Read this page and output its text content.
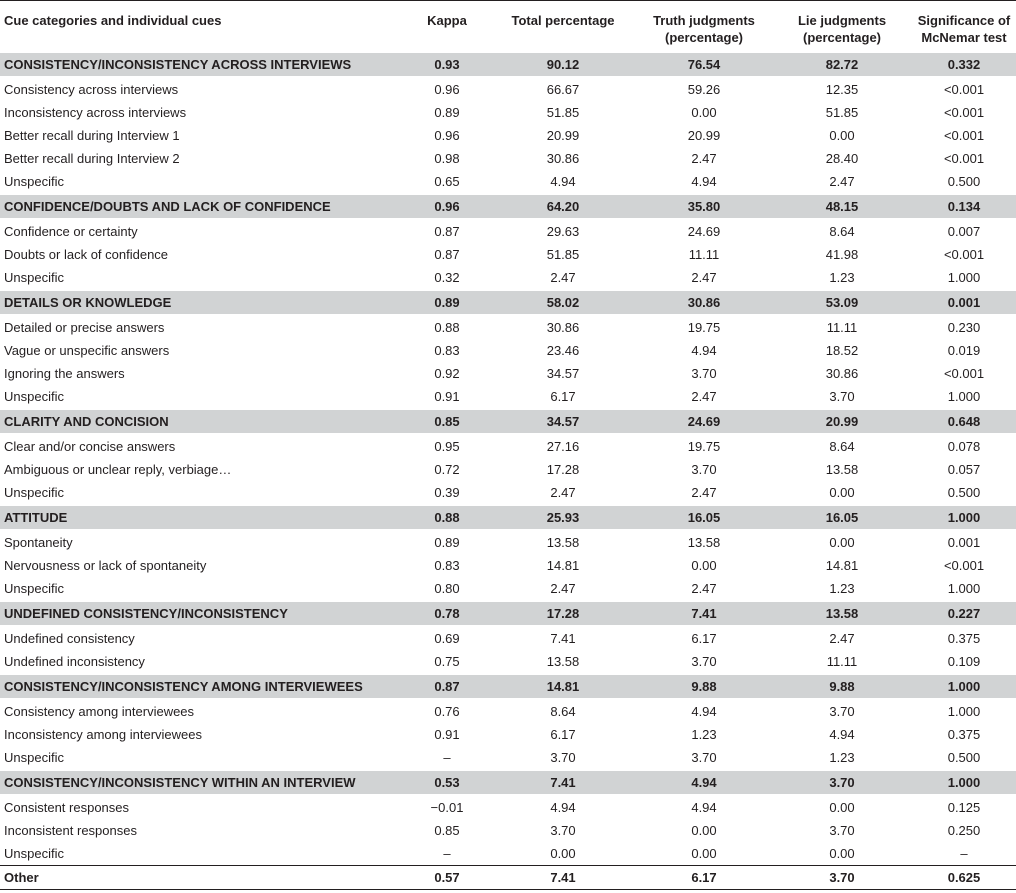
Cue categories and individual cues	Kappa	Total percentage	Truth judgments (percentage)	Lie judgments (percentage)	Significance of McNemar test
CONSISTENCY/INCONSISTENCY ACROSS INTERVIEWS	0.93	90.12	76.54	82.72	0.332
Consistency across interviews	0.96	66.67	59.26	12.35	<0.001
Inconsistency across interviews	0.89	51.85	0.00	51.85	<0.001
Better recall during Interview 1	0.96	20.99	20.99	0.00	<0.001
Better recall during Interview 2	0.98	30.86	2.47	28.40	<0.001
Unspecific	0.65	4.94	4.94	2.47	0.500
CONFIDENCE/DOUBTS AND LACK OF CONFIDENCE	0.96	64.20	35.80	48.15	0.134
Confidence or certainty	0.87	29.63	24.69	8.64	0.007
Doubts or lack of confidence	0.87	51.85	11.11	41.98	<0.001
Unspecific	0.32	2.47	2.47	1.23	1.000
DETAILS OR KNOWLEDGE	0.89	58.02	30.86	53.09	0.001
Detailed or precise answers	0.88	30.86	19.75	11.11	0.230
Vague or unspecific answers	0.83	23.46	4.94	18.52	0.019
Ignoring the answers	0.92	34.57	3.70	30.86	<0.001
Unspecific	0.91	6.17	2.47	3.70	1.000
CLARITY AND CONCISION	0.85	34.57	24.69	20.99	0.648
Clear and/or concise answers	0.95	27.16	19.75	8.64	0.078
Ambiguous or unclear reply, verbiage…	0.72	17.28	3.70	13.58	0.057
Unspecific	0.39	2.47	2.47	0.00	0.500
ATTITUDE	0.88	25.93	16.05	16.05	1.000
Spontaneity	0.89	13.58	13.58	0.00	0.001
Nervousness or lack of spontaneity	0.83	14.81	0.00	14.81	<0.001
Unspecific	0.80	2.47	2.47	1.23	1.000
UNDEFINED CONSISTENCY/INCONSISTENCY	0.78	17.28	7.41	13.58	0.227
Undefined consistency	0.69	7.41	6.17	2.47	0.375
Undefined inconsistency	0.75	13.58	3.70	11.11	0.109
CONSISTENCY/INCONSISTENCY AMONG INTERVIEWEES	0.87	14.81	9.88	9.88	1.000
Consistency among interviewees	0.76	8.64	4.94	3.70	1.000
Inconsistency among interviewees	0.91	6.17	1.23	4.94	0.375
Unspecific	–	3.70	3.70	1.23	0.500
CONSISTENCY/INCONSISTENCY WITHIN AN INTERVIEW	0.53	7.41	4.94	3.70	1.000
Consistent responses	−0.01	4.94	4.94	0.00	0.125
Inconsistent responses	0.85	3.70	0.00	3.70	0.250
Unspecific	–	0.00	0.00	0.00	–
Other	0.57	7.41	6.17	3.70	0.625
